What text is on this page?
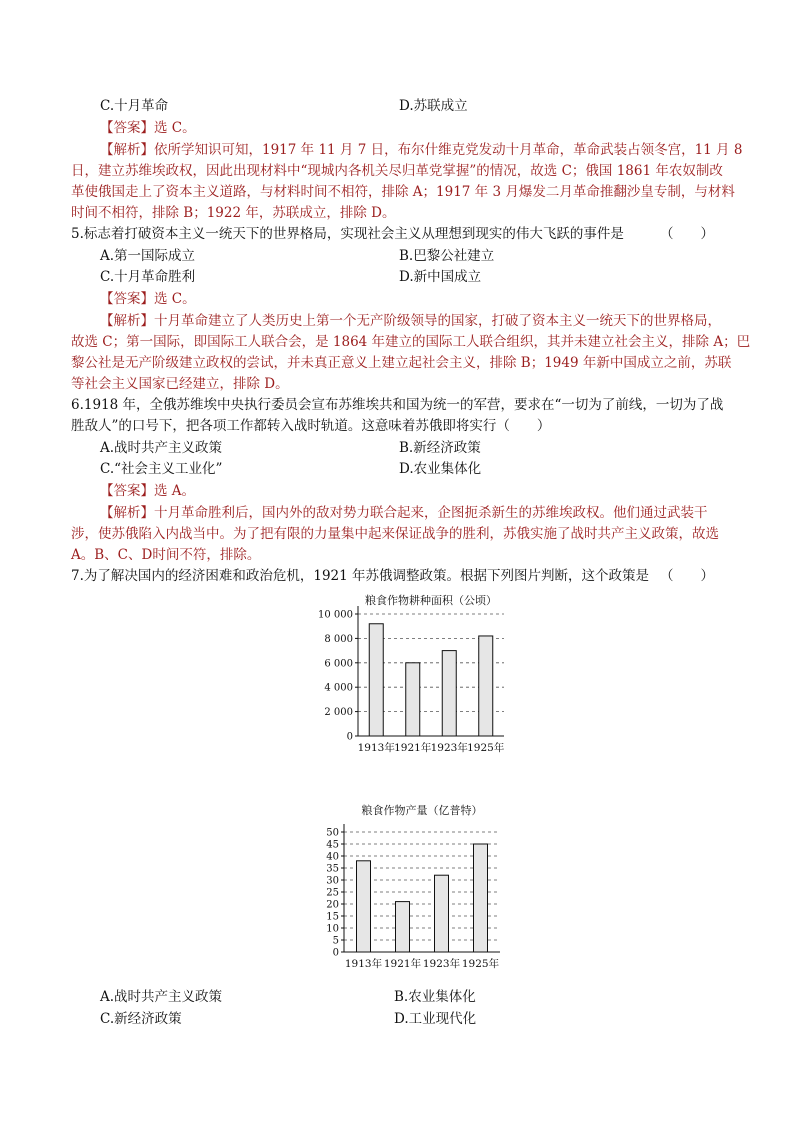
C.十月革命	D.苏联成立
【答案】选 C。
【解析】依所学知识可知，1917 年 11 月 7 日，布尔什维克党发动十月革命，革命武装占领冬宫，11 月 8
日，建立苏维埃政权，因此出现材料中“现城内各机关尽归革党掌握”的情况，故选 C；俄国 1861 年农奴制改
革使俄国走上了资本主义道路，与材料时间不相符，排除 A；1917 年 3 月爆发二月革命推翻沙皇专制，与材料
时间不相符，排除 B；1922 年，苏联成立，排除 D。
5.标志着打破资本主义一统天下的世界格局，实现社会主义从理想到现实的伟大飞跃的事件是	（　　）
A.第一国际成立	B.巴黎公社建立
C.十月革命胜利	D.新中国成立
【答案】选 C。
【解析】十月革命建立了人类历史上第一个无产阶级领导的国家，打破了资本主义一统天下的世界格局，
故选 C；第一国际，即国际工人联合会，是 1864 年建立的国际工人联合组织，其并未建立社会主义，排除 A；巴
黎公社是无产阶级建立政权的尝试，并未真正意义上建立起社会主义，排除 B；1949 年新中国成立之前，苏联
等社会主义国家已经建立，排除 D。
6.1918 年，全俄苏维埃中央执行委员会宣布苏维埃共和国为统一的军营，要求在“一切为了前线，一切为了战
胜敌人”的口号下，把各项工作都转入战时轨道。这意味着苏俄即将实行（　　）
A.战时共产主义政策	B.新经济政策
C.“社会主义工业化”	D.农业集体化
【答案】选 A。
【解析】十月革命胜利后，国内外的敌对势力联合起来，企图扼杀新生的苏维埃政权。他们通过武装干
涉，使苏俄陷入内战当中。为了把有限的力量集中起来保证战争的胜利，苏俄实施了战时共产主义政策，故选
A。B、C、D时间不符，排除。
7.为了解决国内的经济困难和政治危机，1921 年苏俄调整政策。根据下列图片判断，这个政策是 （　　）
粮食作物耕种面积（公顷）
0
2 000
4 000
6 000
8 000
10 000
1913年 1921年 1923年 1925年
粮食作物产量（亿普特）
0
5
10
15
20
25
30
35
40
45
50
1913年 1921年 1923年 1925年
A.战时共产主义政策	B.农业集体化
C.新经济政策	D.工业现代化
